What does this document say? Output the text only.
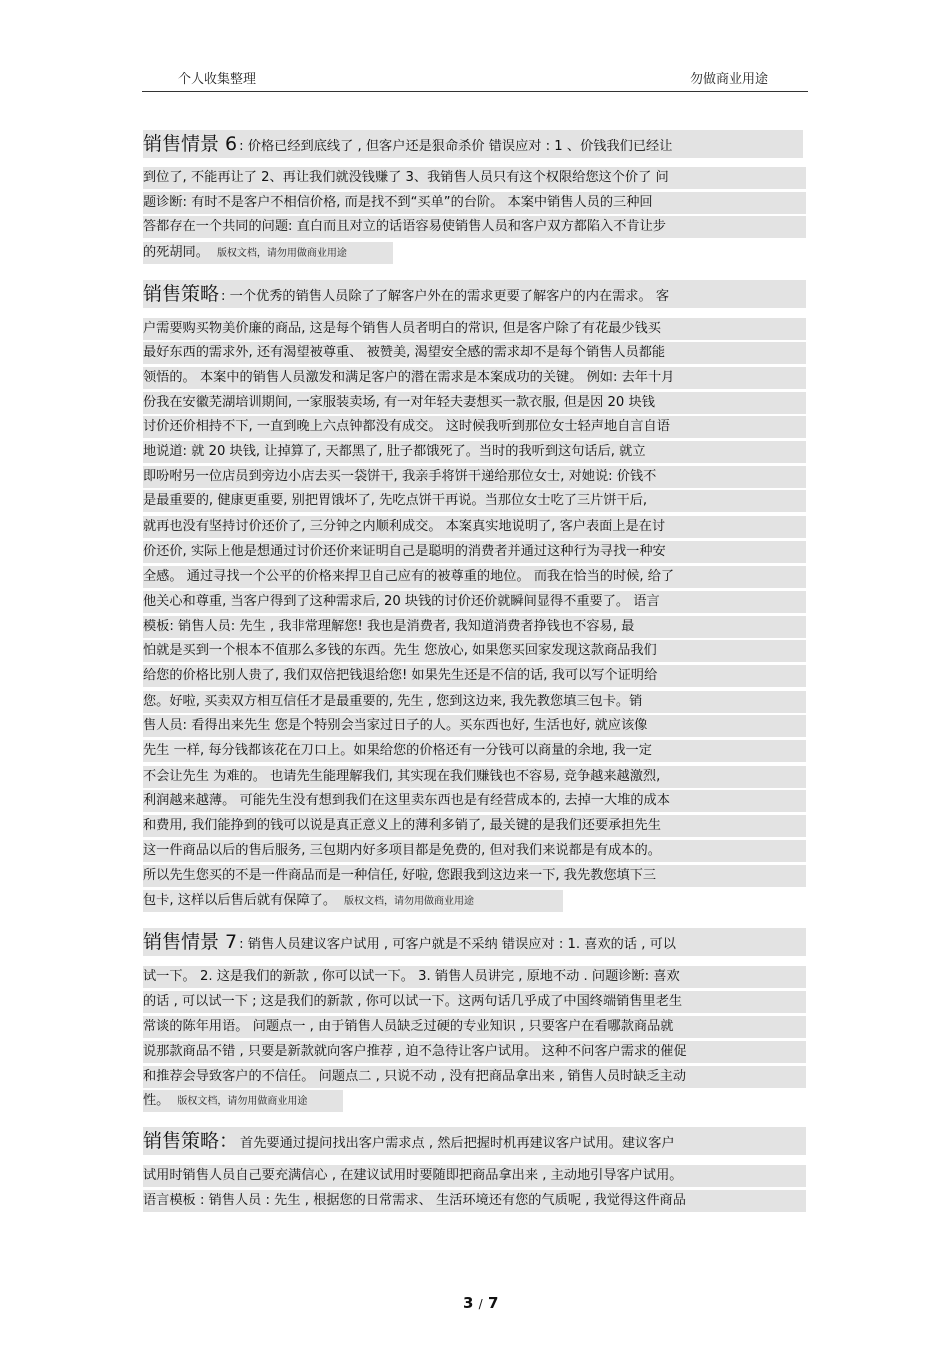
个人收集整理	勿做商业用途
销售情景 6 : 价格已经到底线了 , 但客户还是狠命杀价 错误应对 : 1 、价钱我们已经让
到位了, 不能再让了 2、再让我们就没钱赚了 3、我销售人员只有这个权限给您这个价了 问
题诊断: 有时不是客户不相信价格, 而是找不到“买单”的台阶。 本案中销售人员的三种回
答都存在一个共同的问题: 直白而且对立的话语容易使销售人员和客户双方都陷入不肯让步
的死胡同。 版权文档，请勿用做商业用途
销售策略 : 一个优秀的销售人员除了了解客户外在的需求更要了解客户的内在需求。 客
户需要购买物美价廉的商品, 这是每个销售人员者明白的常识, 但是客户除了有花最少钱买
最好东西的需求外, 还有渴望被尊重、 被赞美, 渴望安全感的需求却不是每个销售人员都能
领悟的。 本案中的销售人员激发和满足客户的潜在需求是本案成功的关键。 例如: 去年十月
份我在安徽芜湖培训期间, 一家服装卖场, 有一对年轻夫妻想买一款衣服, 但是因 20 块钱
讨价还价相持不下, 一直到晚上六点钟都没有成交。 这时候我听到那位女士轻声地自言自语
地说道: 就 20 块钱, 让掉算了, 天都黑了, 肚子都饿死了。当时的我听到这句话后, 就立
即吩咐另一位店员到旁边小店去买一袋饼干, 我亲手将饼干递给那位女士, 对她说: 价钱不
是最重要的, 健康更重要, 别把胃饿坏了, 先吃点饼干再说。当那位女士吃了三片饼干后,
就再也没有坚持讨价还价了, 三分钟之内顺利成交。 本案真实地说明了, 客户表面上是在讨
价还价, 实际上他是想通过讨价还价来证明自己是聪明的消费者并通过这种行为寻找一种安
全感。 通过寻找一个公平的价格来捍卫自己应有的被尊重的地位。 而我在恰当的时候, 给了
他关心和尊重, 当客户得到了这种需求后, 20 块钱的讨价还价就瞬间显得不重要了。 语言
模板: 销售人员: 先生 , 我非常理解您! 我也是消费者, 我知道消费者挣钱也不容易, 最
怕就是买到一个根本不值那么多钱的东西。先生 您放心, 如果您买回家发现这款商品我们
给您的价格比别人贵了, 我们双倍把钱退给您! 如果先生还是不信的话, 我可以写个证明给
您。好啦, 买卖双方相互信任才是最重要的, 先生 , 您到这边来, 我先教您填三包卡。销
售人员: 看得出来先生 您是个特别会当家过日子的人。买东西也好, 生活也好, 就应该像
先生 一样, 每分钱都该花在刀口上。如果给您的价格还有一分钱可以商量的余地, 我一定
不会让先生 为难的。 也请先生能理解我们, 其实现在我们赚钱也不容易, 竞争越来越激烈,
利润越来越薄。 可能先生没有想到我们在这里卖东西也是有经营成本的, 去掉一大堆的成本
和费用, 我们能挣到的钱可以说是真正意义上的薄利多销了, 最关键的是我们还要承担先生
这一件商品以后的售后服务, 三包期内好多项目都是免费的, 但对我们来说都是有成本的。
所以先生您买的不是一件商品而是一种信任, 好啦, 您跟我到这边来一下, 我先教您填下三
包卡, 这样以后售后就有保障了。 版权文档，请勿用做商业用途
销售情景 7 : 销售人员建议客户试用 , 可客户就是不采纳 错误应对 : 1. 喜欢的话 , 可以
试一下。 2. 这是我们的新款 , 你可以试一下。 3. 销售人员讲完 , 原地不动 . 问题诊断: 喜欢
的话 , 可以试一下 ; 这是我们的新款 , 你可以试一下。这两句话几乎成了中国终端销售里老生
常谈的陈年用语。 问题点一 , 由于销售人员缺乏过硬的专业知识 , 只要客户在看哪款商品就
说那款商品不错 , 只要是新款就向客户推荐 , 迫不急待让客户试用。 这种不问客户需求的催促
和推荐会导致客户的不信任。 问题点二 , 只说不动 , 没有把商品拿出来 , 销售人员时缺乏主动
性。 版权文档，请勿用做商业用途
销售策略： 首先要通过提问找出客户需求点 , 然后把握时机再建议客户试用。建议客户
试用时销售人员自己要充满信心 , 在建议试用时要随即把商品拿出来 , 主动地引导客户试用。
语言模板 : 销售人员 : 先生 , 根据您的日常需求、 生活环境还有您的气质呢 , 我觉得这件商品
3 / 7
